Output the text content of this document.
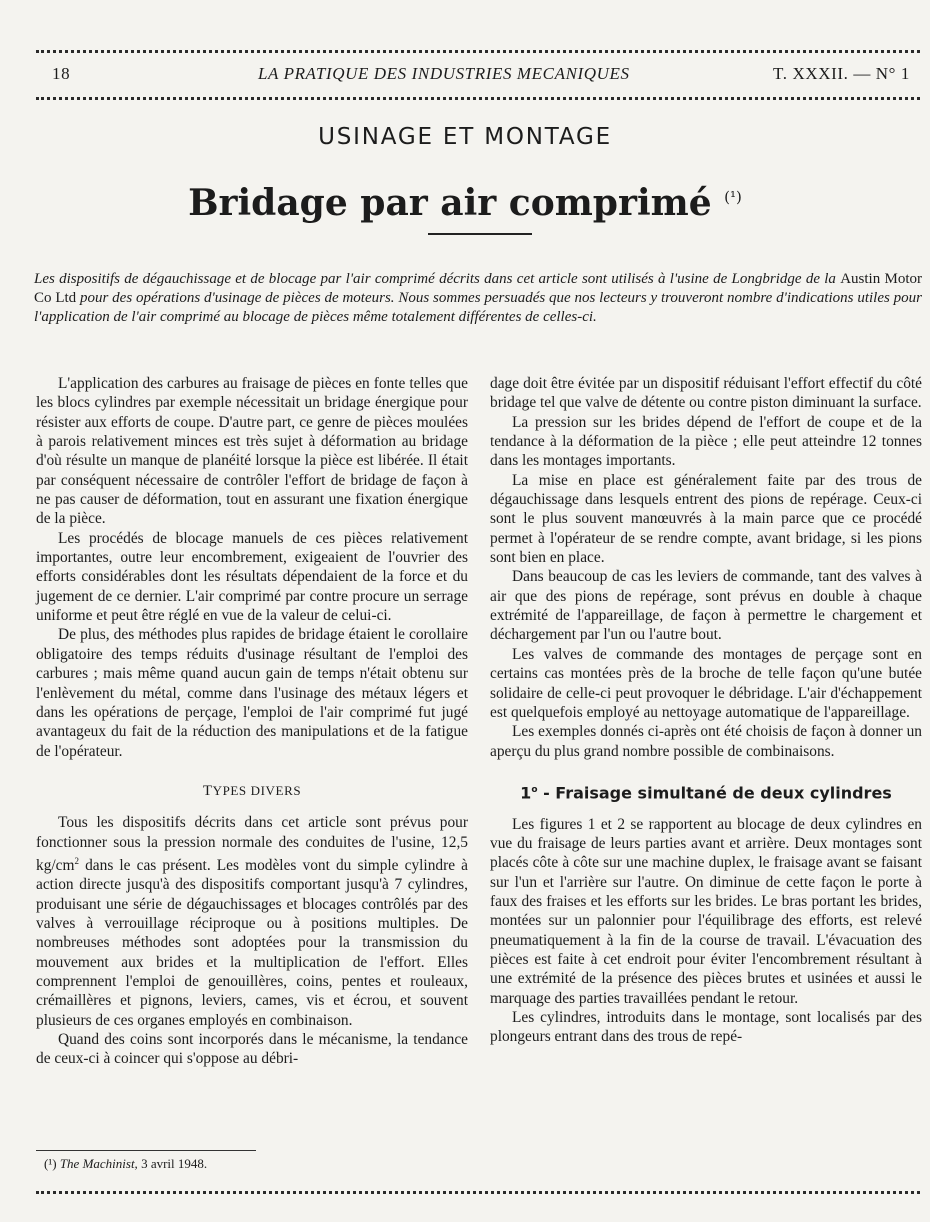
18	LA PRATIQUE DES INDUSTRIES MECANIQUES	T. XXXII. — N° 1
USINAGE ET MONTAGE
Bridage par air comprimé $^{(^1)}$
Les dispositifs de dégauchissage et de blocage par l'air comprimé décrits dans cet article sont utilisés à l'usine de Longbridge de la Austin Motor Co Ltd pour des opérations d'usinage de pièces de moteurs. Nous sommes persuadés que nos lecteurs y trouveront nombre d'indications utiles pour l'application de l'air comprimé au blocage de pièces même totalement différentes de celles-ci.

L'application des carbures au fraisage de pièces en fonte telles que les blocs cylindres par exemple nécessitait un bridage énergique pour résister aux efforts de coupe. D'autre part, ce genre de pièces moulées à parois relativement minces est très sujet à déformation au bridage d'où résulte un manque de planéité lorsque la pièce est libérée. Il était par conséquent nécessaire de contrôler l'effort de bridage de façon à ne pas causer de déformation, tout en assurant une fixation énergique de la pièce.

Les procédés de blocage manuels de ces pièces relativement importantes, outre leur encombrement, exigeaient de l'ouvrier des efforts considérables dont les résultats dépendaient de la force et du jugement de ce dernier. L'air comprimé par contre procure un serrage uniforme et peut être réglé en vue de la valeur de celui-ci.

De plus, des méthodes plus rapides de bridage étaient le corollaire obligatoire des temps réduits d'usinage résultant de l'emploi des carbures ; mais même quand aucun gain de temps n'était obtenu sur l'enlèvement du métal, comme dans l'usinage des métaux légers et dans les opérations de perçage, l'emploi de l'air comprimé fut jugé avantageux du fait de la réduction des manipulations et de la fatigue de l'opérateur.

TYPES DIVERS

Tous les dispositifs décrits dans cet article sont prévus pour fonctionner sous la pression normale des conduites de l'usine, 12,5 $kg/cm^2$ dans le cas présent. Les modèles vont du simple cylindre à action directe jusqu'à des dispositifs comportant jusqu'à 7 cylindres, produisant une série de dégauchissages et blocages contrôlés par des valves à verrouillage réciproque ou à positions multiples. De nombreuses méthodes sont adoptées pour la transmission du mouvement aux brides et la multiplication de l'effort. Elles comprennent l'emploi de genouillères, coins, pentes et rouleaux, crémaillères et pignons, leviers, cames, vis et écrou, et souvent plusieurs de ces organes employés en combinaison.

Quand des coins sont incorporés dans le mécanisme, la tendance de ceux-ci à coincer qui s'oppose au débri-

dage doit être évitée par un dispositif réduisant l'effort effectif du côté bridage tel que valve de détente ou contre piston diminuant la surface.

La pression sur les brides dépend de l'effort de coupe et de la tendance à la déformation de la pièce ; elle peut atteindre 12 tonnes dans les montages importants.

La mise en place est généralement faite par des trous de dégauchissage dans lesquels entrent des pions de repérage. Ceux-ci sont le plus souvent manœuvrés à la main parce que ce procédé permet à l'opérateur de se rendre compte, avant bridage, si les pions sont bien en place.

Dans beaucoup de cas les leviers de commande, tant des valves à air que des pions de repérage, sont prévus en double à chaque extrémité de l'appareillage, de façon à permettre le chargement et déchargement par l'un ou l'autre bout.

Les valves de commande des montages de perçage sont en certains cas montées près de la broche de telle façon qu'une butée solidaire de celle-ci peut provoquer le débridage. L'air d'échappement est quelquefois employé au nettoyage automatique de l'appareillage.

Les exemples donnés ci-après ont été choisis de façon à donner un aperçu du plus grand nombre possible de combinaisons.

1$^o$ - Fraisage simultané de deux cylindres

Les figures 1 et 2 se rapportent au blocage de deux cylindres en vue du fraisage de leurs parties avant et arrière. Deux montages sont placés côte à côte sur une machine duplex, le fraisage avant se faisant sur l'un et l'arrière sur l'autre. On diminue de cette façon le porte à faux des fraises et les efforts sur les brides. Le bras portant les brides, montées sur un palonnier pour l'équilibrage des efforts, est relevé pneumatiquement à la fin de la course de travail. L'évacuation des pièces est faite à cet endroit pour éviter l'encombrement résultant à une extrémité de la présence des pièces brutes et usinées et aussi le marquage des parties travaillées pendant le retour.

Les cylindres, introduits dans le montage, sont localisés par des plongeurs entrant dans des trous de repé-

(¹) The Machinist, 3 avril 1948.
